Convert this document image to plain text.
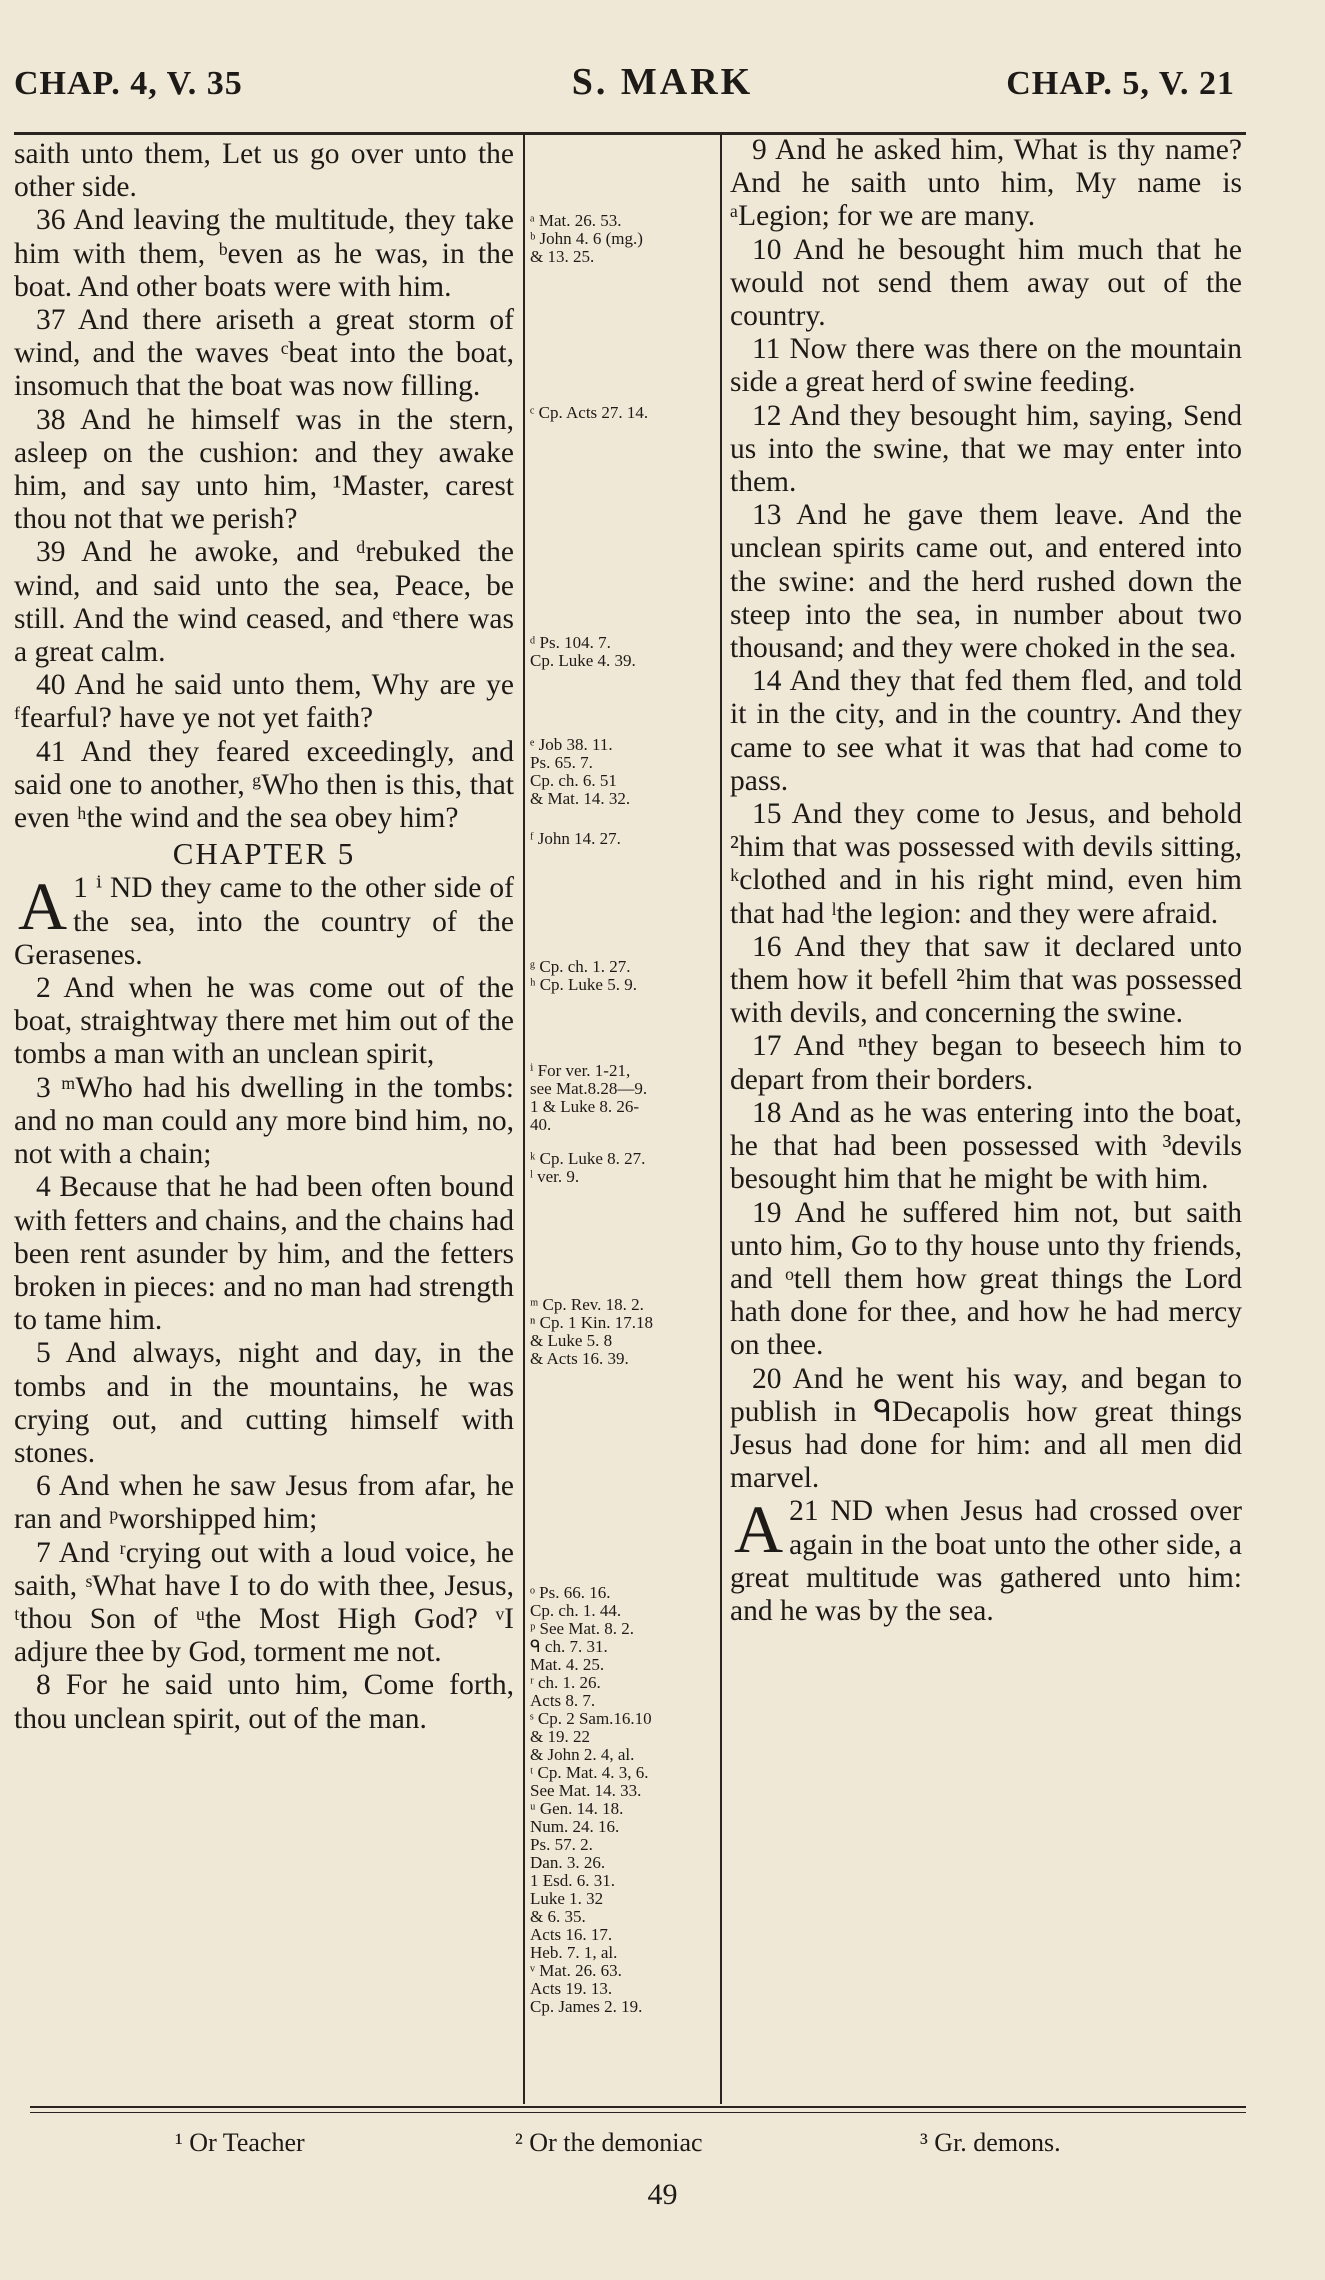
CHAP. 4, V. 35	S. MARK	CHAP. 5, V. 21

saith unto them, Let us go over unto the other side.

36 And leaving the multitude, they take him with them, ᵇeven as he was, in the boat. And other boats were with him.

37 And there ariseth a great storm of wind, and the waves ᶜbeat into the boat, insomuch that the boat was now filling.

38 And he himself was in the stern, asleep on the cushion: and they awake him, and say unto him, ¹Master, carest thou not that we perish?

39 And he awoke, and ᵈrebuked the wind, and said unto the sea, Peace, be still. And the wind ceased, and ᵉthere was a great calm.

40 And he said unto them, Why are ye ᶠfearful? have ye not yet faith?

41 And they feared exceedingly, and said one to another, ᵍWho then is this, that even ʰthe wind and the sea obey him?

CHAPTER 5

A 1 ⁱ ND they came to the other side of the sea, into the country of the Gerasenes.

2 And when he was come out of the boat, straightway there met him out of the tombs a man with an unclean spirit,

3 ᵐWho had his dwelling in the tombs: and no man could any more bind him, no, not with a chain;

4 Because that he had been often bound with fetters and chains, and the chains had been rent asunder by him, and the fetters broken in pieces: and no man had strength to tame him.

5 And always, night and day, in the tombs and in the mountains, he was crying out, and cutting himself with stones.

6 And when he saw Jesus from afar, he ran and ᵖworshipped him;

7 And ʳcrying out with a loud voice, he saith, ˢWhat have I to do with thee, Jesus, ᵗthou Son of ᵘthe Most High God? ᵛI adjure thee by God, torment me not.

8 For he said unto him, Come forth, thou unclean spirit, out of the man.

ᵃ Mat. 26. 53.
ᵇ John 4. 6 (mg.)
& 13. 25.
ᶜ Cp. Acts 27. 14.
ᵈ Ps. 104. 7.
Cp. Luke 4. 39.
ᵉ Job 38. 11.
Ps. 65. 7.
Cp. ch. 6. 51
& Mat. 14. 32.
ᶠ John 14. 27.
ᵍ Cp. ch. 1. 27.
ʰ Cp. Luke 5. 9.
ⁱ For ver. 1-21,
see Mat.8.28—9.
1 & Luke 8. 26-
40.
ᵏ Cp. Luke 8. 27.
ˡ ver. 9.
ᵐ Cp. Rev. 18. 2.
ⁿ Cp. 1 Kin. 17.18
& Luke 5. 8
& Acts 16. 39.
ᵒ Ps. 66. 16.
Cp. ch. 1. 44.
ᵖ See Mat. 8. 2.
ᑫ ch. 7. 31.
Mat. 4. 25.
ʳ ch. 1. 26.
Acts 8. 7.
ˢ Cp. 2 Sam.16.10
& 19. 22
& John 2. 4, al.
ᵗ Cp. Mat. 4. 3, 6.
See Mat. 14. 33.
ᵘ Gen. 14. 18.
Num. 24. 16.
Ps. 57. 2.
Dan. 3. 26.
1 Esd. 6. 31.
Luke 1. 32
& 6. 35.
Acts 16. 17.
Heb. 7. 1, al.
ᵛ Mat. 26. 63.
Acts 19. 13.
Cp. James 2. 19.

9 And he asked him, What is thy name? And he saith unto him, My name is ᵃLegion; for we are many.

10 And he besought him much that he would not send them away out of the country.

11 Now there was there on the mountain side a great herd of swine feeding.

12 And they besought him, saying, Send us into the swine, that we may enter into them.

13 And he gave them leave. And the unclean spirits came out, and entered into the swine: and the herd rushed down the steep into the sea, in number about two thousand; and they were choked in the sea.

14 And they that fed them fled, and told it in the city, and in the country. And they came to see what it was that had come to pass.

15 And they come to Jesus, and behold ²him that was possessed with devils sitting, ᵏclothed and in his right mind, even him that had ˡthe legion: and they were afraid.

16 And they that saw it declared unto them how it befell ²him that was possessed with devils, and concerning the swine.

17 And ⁿthey began to beseech him to depart from their borders.

18 And as he was entering into the boat, he that had been possessed with ³devils besought him that he might be with him.

19 And he suffered him not, but saith unto him, Go to thy house unto thy friends, and ᵒtell them how great things the Lord hath done for thee, and how he had mercy on thee.

20 And he went his way, and began to publish in ᑫDecapolis how great things Jesus had done for him: and all men did marvel.

A 21 ND when Jesus had crossed over again in the boat unto the other side, a great multitude was gathered unto him: and he was by the sea.

¹ Or Teacher	² Or the demoniac	³ Gr. demons.
49
